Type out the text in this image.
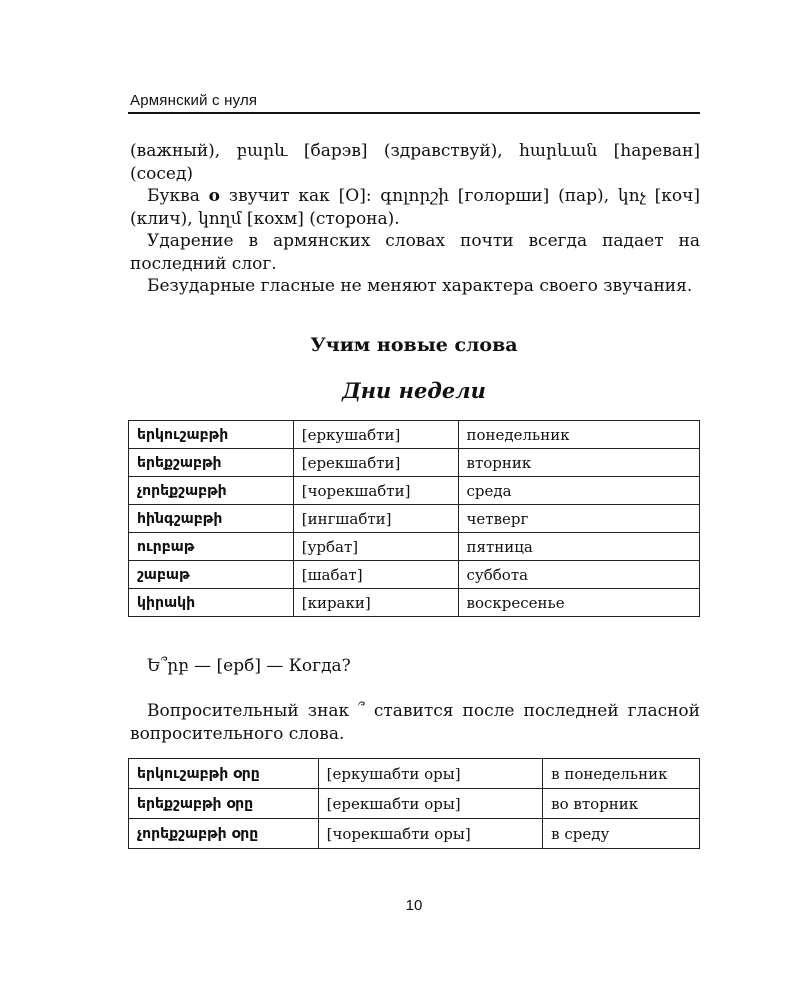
Армянский с нуля

(важный), բարև [барэв] (здравствуй), հարևան [hареван] (сосед)

Буква o звучит как [О]: գոլորշի [голорши] (пар), կոչ [коч] (клич), կողմ [кохм] (сторона).

Ударение в армянских словах почти всегда падает на последний слог.

Безударные гласные не меняют характера своего звучания.

Учим новые слова
Дни недели
երկուշաբթի	[еркушабти]	понедельник
երեքշաբթի	[ерекшабти]	вторник
չորեքշաբթի	[чорекшабти]	среда
հինգշաբթի	[ингшабти]	четверг
ուրբաթ	[урбат]	пятница
շաբաթ	[шабат]	суббота
կիրակի	[кираки]	воскресенье
Ե՞րբ — [ерб] — Когда?

Вопросительный знак ՞ ставится после последней гласной вопросительного слова.

երկուշաբթի օրը	[еркушабти оры]	в понедельник
երեքշաբթի օրը	[ерекшабти оры]	во вторник
չորեքշաբթի օրը	[чорекшабти оры]	в среду
10
